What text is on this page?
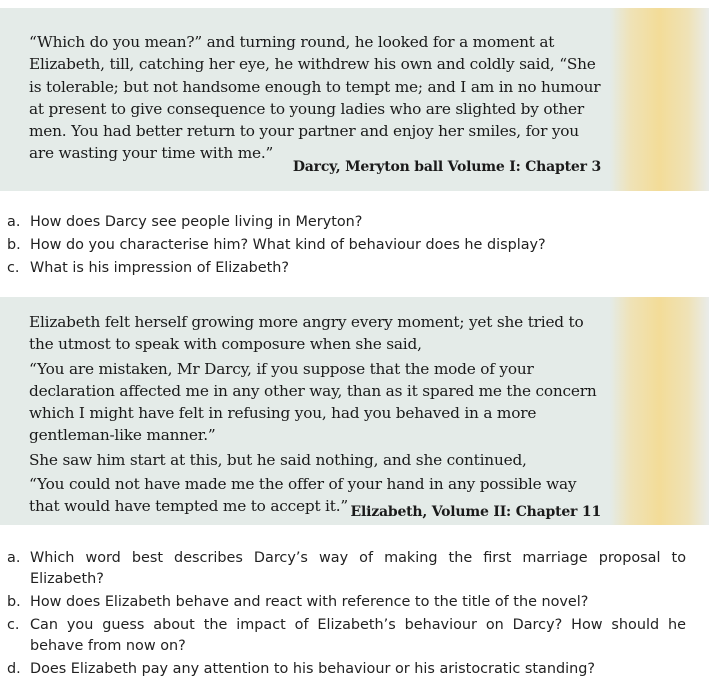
“Which do you mean?” and turning round, he looked for a moment at Elizabeth, till, catching her eye, he withdrew his own and coldly said, “She is tolerable; but not handsome enough to tempt me; and I am in no humour at present to give consequence to young ladies who are slighted by other men. You had better return to your partner and enjoy her smiles, for you are wasting your time with me.”
Darcy, Meryton ball Volume I: Chapter 3
a. How does Darcy see people living in Meryton?
b. How do you characterise him? What kind of behaviour does he display?
c. What is his impression of Elizabeth?

Elizabeth felt herself growing more angry every moment; yet she tried to the utmost to speak with composure when she said,

“You are mistaken, Mr Darcy, if you suppose that the mode of your declaration affected me in any other way, than as it spared me the concern which I might have felt in refusing you, had you behaved in a more gentleman-like manner.”

She saw him start at this, but he said nothing, and she continued,

“You could not have made me the offer of your hand in any possible way that would have tempted me to accept it.” Elizabeth, Volume II: Chapter 11
a. Which word best describes Darcy’s way of making the first marriage proposal to Elizabeth?
b. How does Elizabeth behave and react with reference to the title of the novel?
c. Can you guess about the impact of Elizabeth’s behaviour on Darcy? How should he behave from now on?
d. Does Elizabeth pay any attention to his behaviour or his aristocratic standing?
